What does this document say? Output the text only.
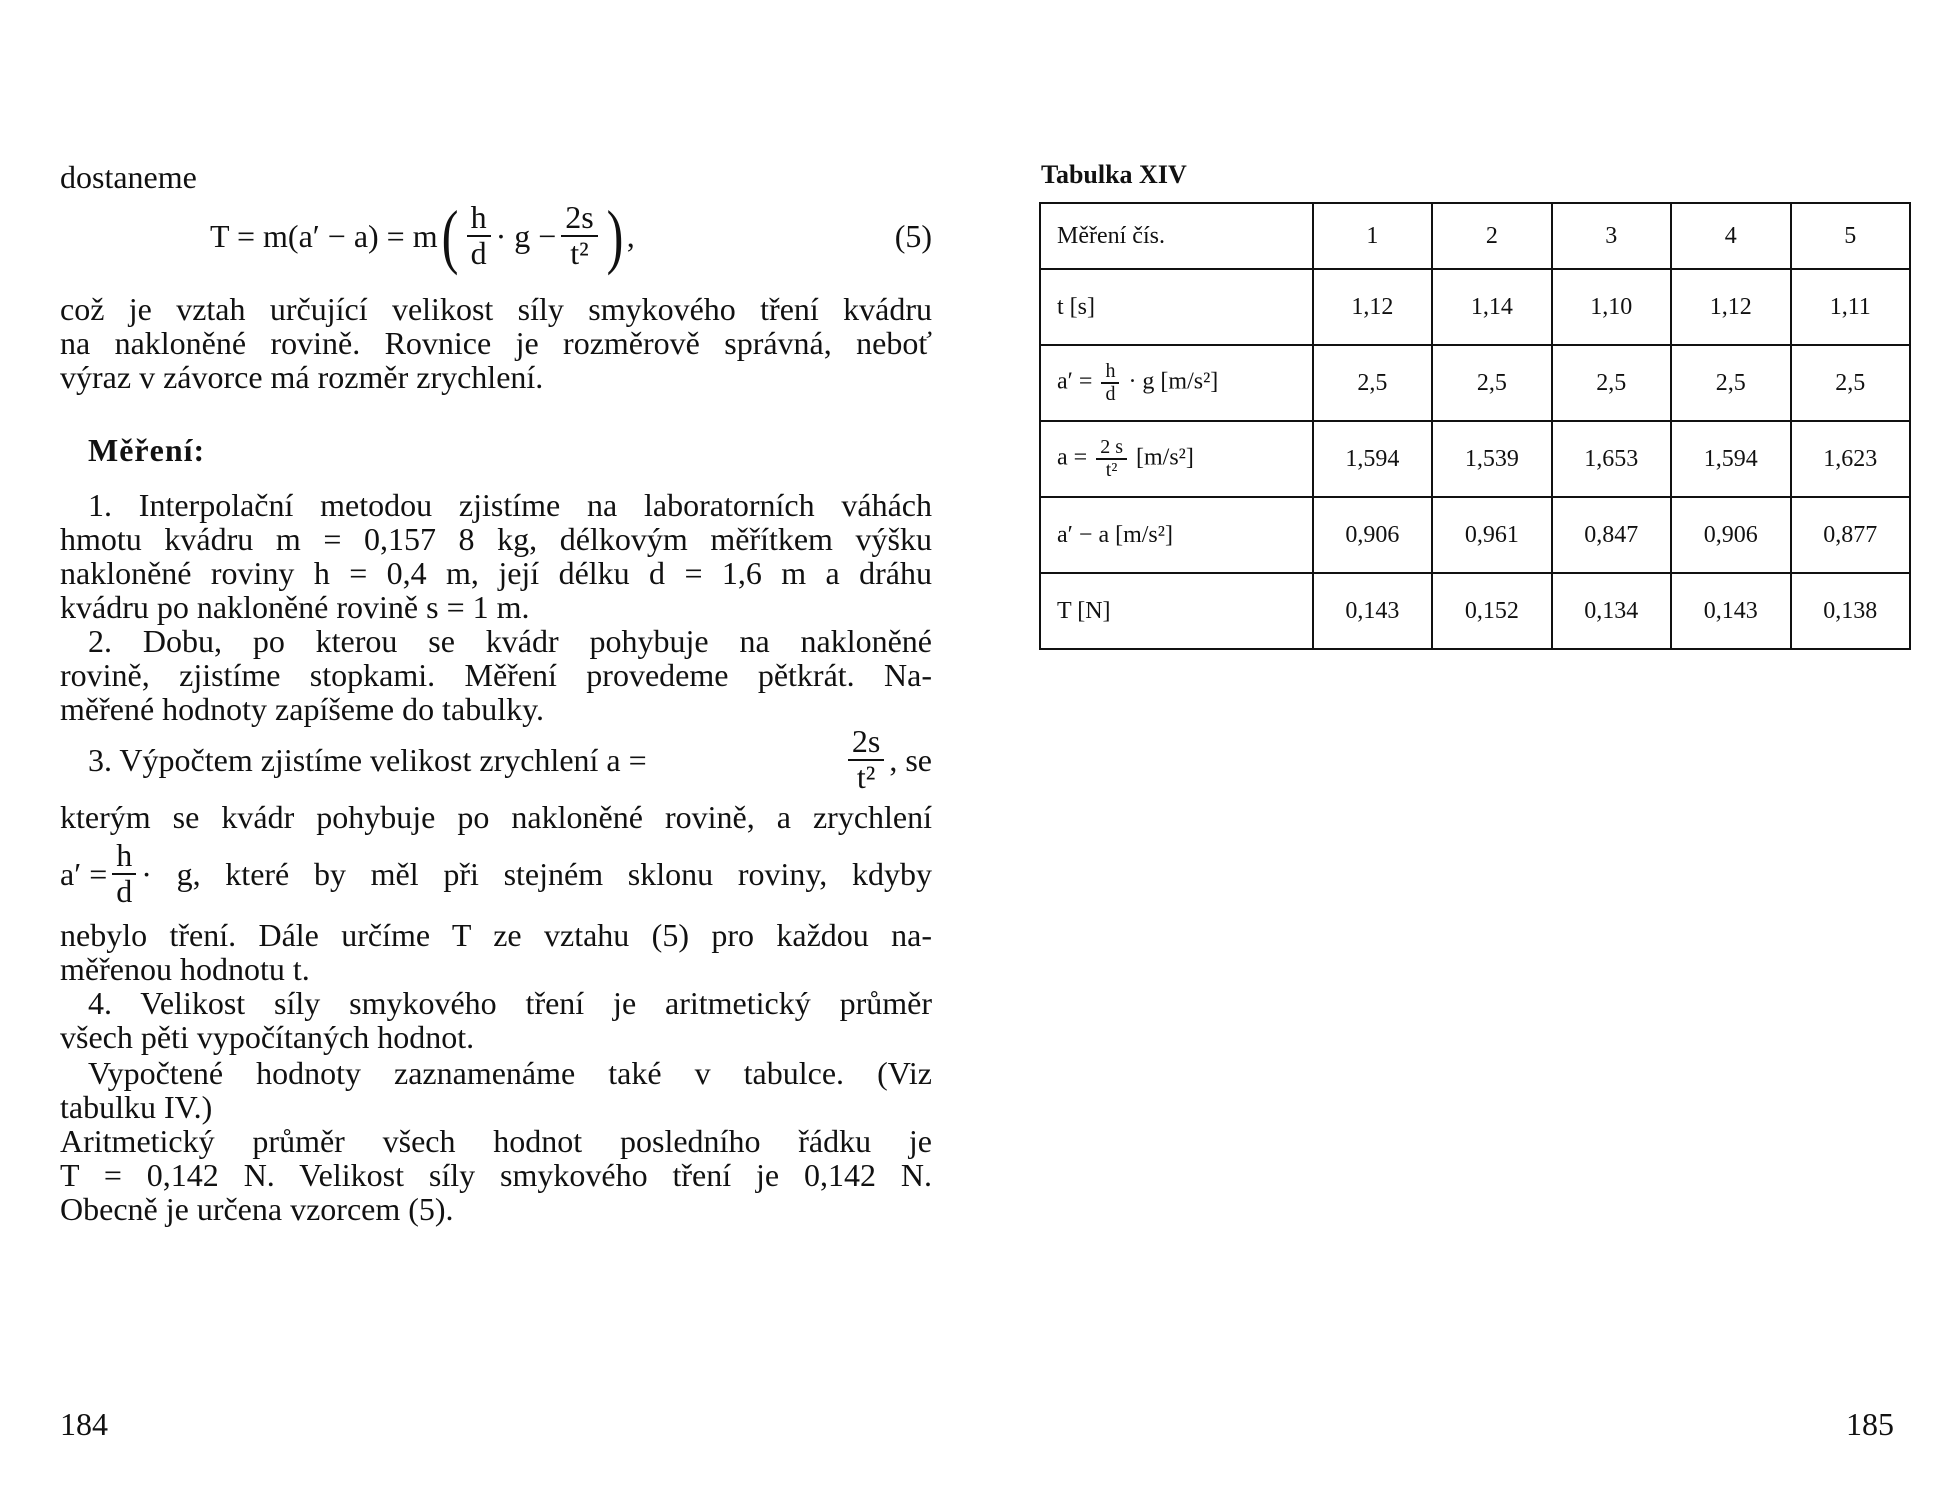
dostaneme
T = m(a′ − a) = m ( $\frac{h}{d} \cdot g - \frac{2s}{\text{t²}}$ ) ,	(5)
což je vztah určující velikost síly smykového tření kvádru
na nakloněné rovině. Rovnice je rozměrově správná, neboť
výraz v závorce má rozměr zrychlení.
Měření:
1. Interpolační metodou zjistíme na laboratorních váhách
hmotu kvádru m = 0,157 8 kg, délkovým měřítkem výšku
nakloněné roviny h = 0,4 m, její délku d = 1,6 m a dráhu
kvádru po nakloněné rovině s = 1 m.
2. Dobu, po kterou se kvádr pohybuje na nakloněné
rovině, zjistíme stopkami. Měření provedeme pětkrát. Na-
měřené hodnoty zapíšeme do tabulky.
3. Výpočtem zjistíme velikost zrychlení a =	$\frac{2s}{\text{t²}}$ , se
kterým se kvádr pohybuje po nakloněné rovině, a zrychlení
$a' = \frac{h}{d} \cdot g$, které by měl při stejném sklonu roviny, kdyby
nebylo tření. Dále určíme T ze vztahu (5) pro každou na-
měřenou hodnotu t.
4. Velikost síly smykového tření je aritmetický průměr
všech pěti vypočítaných hodnot.
Vypočtené hodnoty zaznamenáme také v tabulce. (Viz
tabulku IV.)
Aritmetický průměr všech hodnot posledního řádku je
T = 0,142 N. Velikost síly smykového tření je 0,142 N.
Obecně je určena vzorcem (5).
184
Tabulka XIV
Měření čís.	1	2	3	4	5
t [s]	1,12	1,14	1,10	1,12	1,11
$a' = \frac{h}{d} \cdot g$ [m/s²]	2,5	2,5	2,5	2,5	2,5
$a = \frac{2 s}{\text{t²}} [m/s^2]$	1,594	1,539	1,653	1,594	1,623
a′ − a [m/s²]	0,906	0,961	0,847	0,906	0,877
T [N]	0,143	0,152	0,134	0,143	0,138
185
